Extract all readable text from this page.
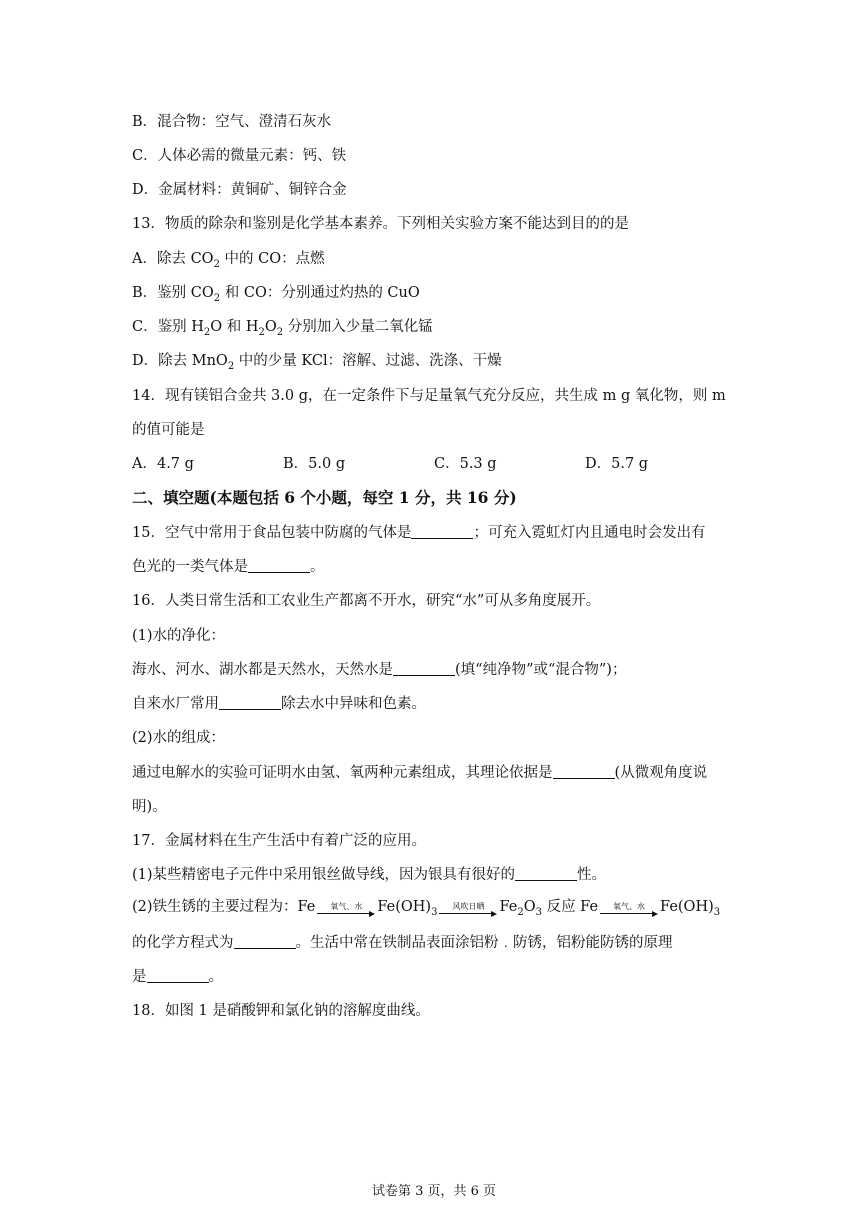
B．混合物：空气、澄清石灰水
C．人体必需的微量元素：钙、铁
D．金属材料：黄铜矿、铜锌合金
13．物质的除杂和鉴别是化学基本素养。下列相关实验方案不能达到目的的是
A．除去 $CO_2$ 中的 CO：点燃
B．鉴别 $CO_2$ 和 CO：分别通过灼热的 CuO
C．鉴别 $H_2O$ 和 $H_2O_2$ 分别加入少量二氧化锰
D．除去 MnO$_2$ 中的少量 KCl：溶解、过滤、洗涤、干燥
14．现有镁铝合金共 3.0 g，在一定条件下与足量氧气充分反应，共生成 m g 氧化物，则 m
的值可能是
A．4.7 g	B．5.0 g	C．5.3 g	D．5.7 g
二、填空题(本题包括 6 个小题，每空 1 分，共 16 分)
15．空气中常用于食品包装中防腐的气体是	；可充入霓虹灯内且通电时会发出有
色光的一类气体是	。
16．人类日常生活和工农业生产都离不开水，研究“水”可从多角度展开。
(1)水的净化：
海水、河水、湖水都是天然水，天然水是	(填“纯净物”或“混合物”)；
自来水厂常用	除去水中异味和色素。
(2)水的组成：
通过电解水的实验可证明水由氢、氧两种元素组成，其理论依据是	(从微观角度说
明)。
17．金属材料在生产生活中有着广泛的应用。
(1)某些精密电子元件中采用银丝做导线，因为银具有很好的	性。
(2)铁生锈的主要过程为：Fe 氧气、水 $Fe(OH)_3$
风吹日晒 $Fe_2O_3$ 反应 Fe 氧气、水 $Fe(OH)_3$
的化学方程式为	。生活中常在铁制品表面涂铝粉﹒防锈，铝粉能防锈的原理
是	。
18．如图 1 是硝酸钾和氯化钠的溶解度曲线。
试卷第 3 页，共 6 页
